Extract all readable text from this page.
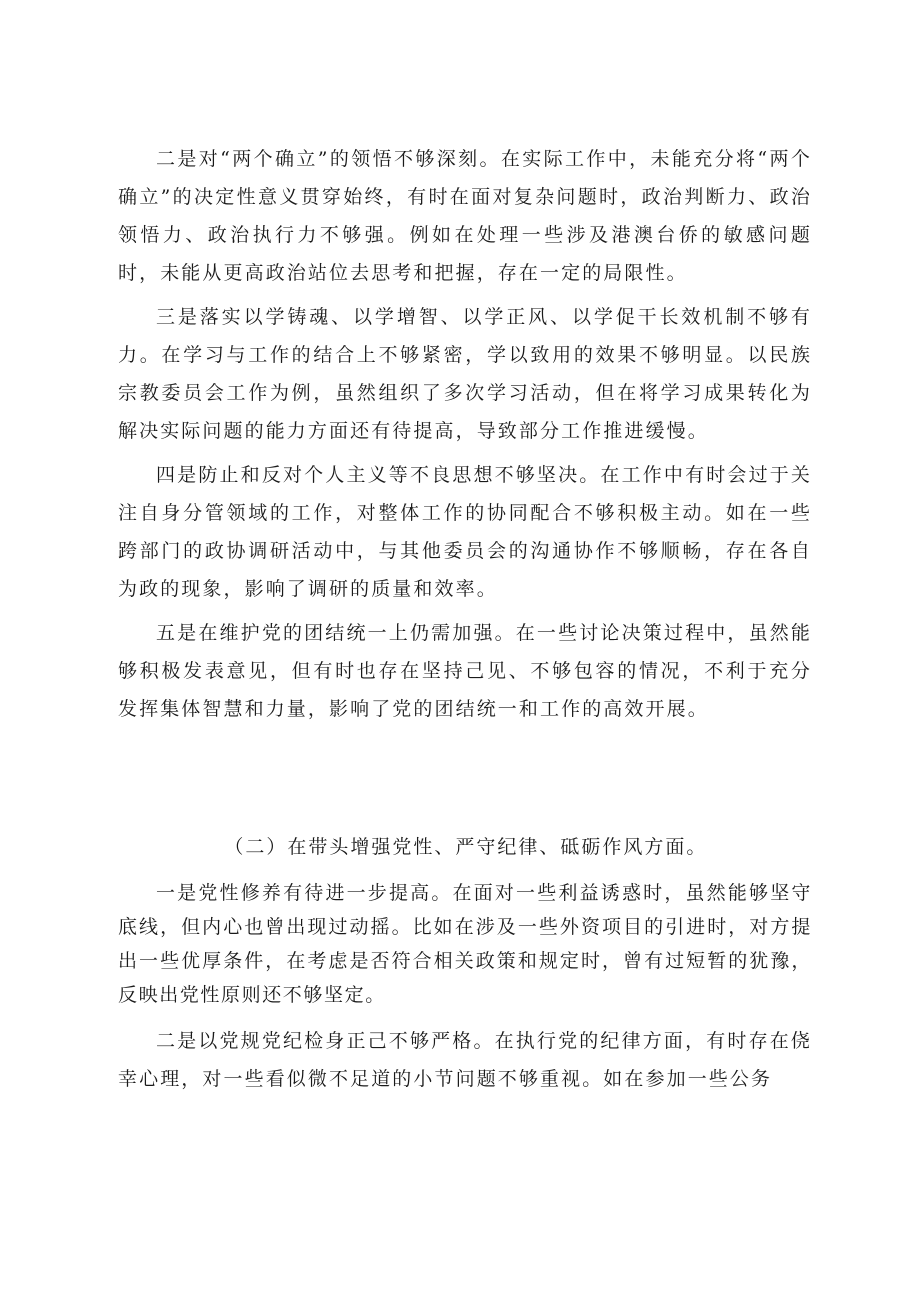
二是对“两个确立”的领悟不够深刻。在实际工作中，未能充分将“两个确立”的决定性意义贯穿始终，有时在面对复杂问题时，政治判断力、政治领悟力、政治执行力不够强。例如在处理一些涉及港澳台侨的敏感问题时，未能从更高政治站位去思考和把握，存在一定的局限性。

三是落实以学铸魂、以学增智、以学正风、以学促干长效机制不够有力。在学习与工作的结合上不够紧密，学以致用的效果不够明显。以民族宗教委员会工作为例，虽然组织了多次学习活动，但在将学习成果转化为解决实际问题的能力方面还有待提高，导致部分工作推进缓慢。

四是防止和反对个人主义等不良思想不够坚决。在工作中有时会过于关注自身分管领域的工作，对整体工作的协同配合不够积极主动。如在一些跨部门的政协调研活动中，与其他委员会的沟通协作不够顺畅，存在各自为政的现象，影响了调研的质量和效率。

五是在维护党的团结统一上仍需加强。在一些讨论决策过程中，虽然能够积极发表意见，但有时也存在坚持己见、不够包容的情况，不利于充分发挥集体智慧和力量，影响了党的团结统一和工作的高效开展。

（二）在带头增强党性、严守纪律、砥砺作风方面。

一是党性修养有待进一步提高。在面对一些利益诱惑时，虽然能够坚守底线，但内心也曾出现过动摇。比如在涉及一些外资项目的引进时，对方提出一些优厚条件，在考虑是否符合相关政策和规定时，曾有过短暂的犹豫，反映出党性原则还不够坚定。

二是以党规党纪检身正己不够严格。在执行党的纪律方面，有时存在侥幸心理，对一些看似微不足道的小节问题不够重视。如在参加一些公务
